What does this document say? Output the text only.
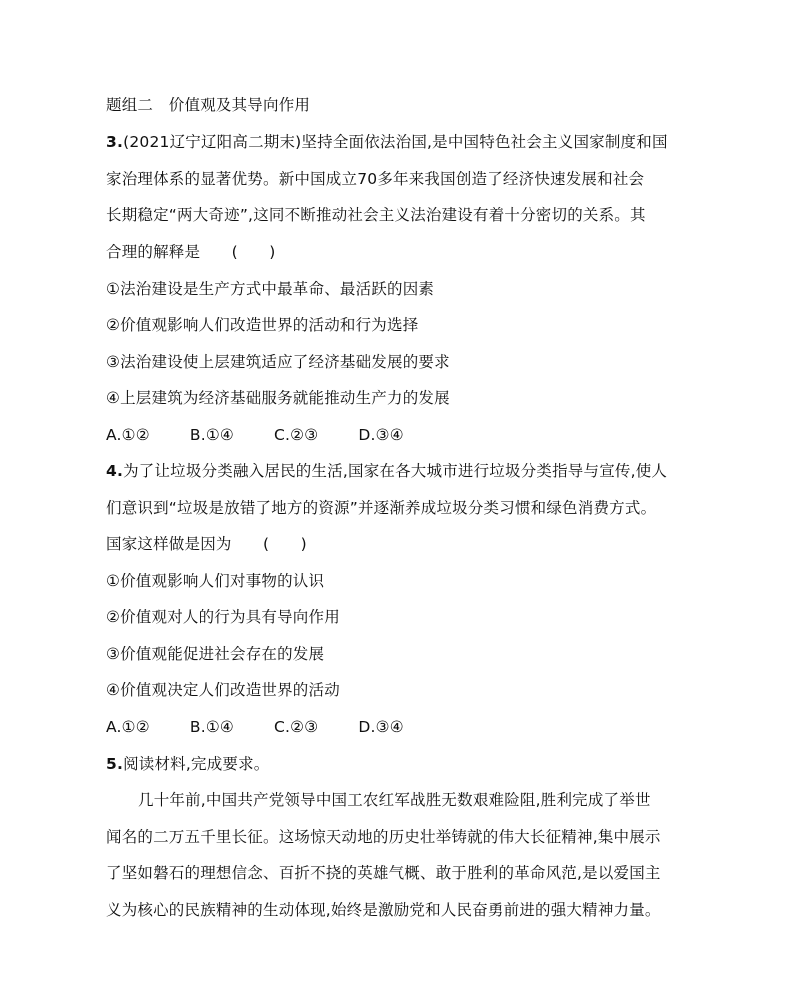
题组二　价值观及其导向作用
3.(2021辽宁辽阳高二期末)坚持全面依法治国,是中国特色社会主义国家制度和国
家治理体系的显著优势。新中国成立70多年来我国创造了经济快速发展和社会
长期稳定“两大奇迹”,这同不断推动社会主义法治建设有着十分密切的关系。其
合理的解释是　　(　　)
①法治建设是生产方式中最革命、最活跃的因素
②价值观影响人们改造世界的活动和行为选择
③法治建设使上层建筑适应了经济基础发展的要求
④上层建筑为经济基础服务就能推动生产力的发展
A.①②	B.①④	C.②③	D.③④
4.为了让垃圾分类融入居民的生活,国家在各大城市进行垃圾分类指导与宣传,使人
们意识到“垃圾是放错了地方的资源”并逐渐养成垃圾分类习惯和绿色消费方式。
国家这样做是因为　　(　　)
①价值观影响人们对事物的认识
②价值观对人的行为具有导向作用
③价值观能促进社会存在的发展
④价值观决定人们改造世界的活动
A.①②	B.①④	C.②③	D.③④
5.阅读材料,完成要求。
几十年前,中国共产党领导中国工农红军战胜无数艰难险阻,胜利完成了举世
闻名的二万五千里长征。这场惊天动地的历史壮举铸就的伟大长征精神,集中展示
了坚如磐石的理想信念、百折不挠的英雄气概、敢于胜利的革命风范,是以爱国主
义为核心的民族精神的生动体现,始终是激励党和人民奋勇前进的强大精神力量。
